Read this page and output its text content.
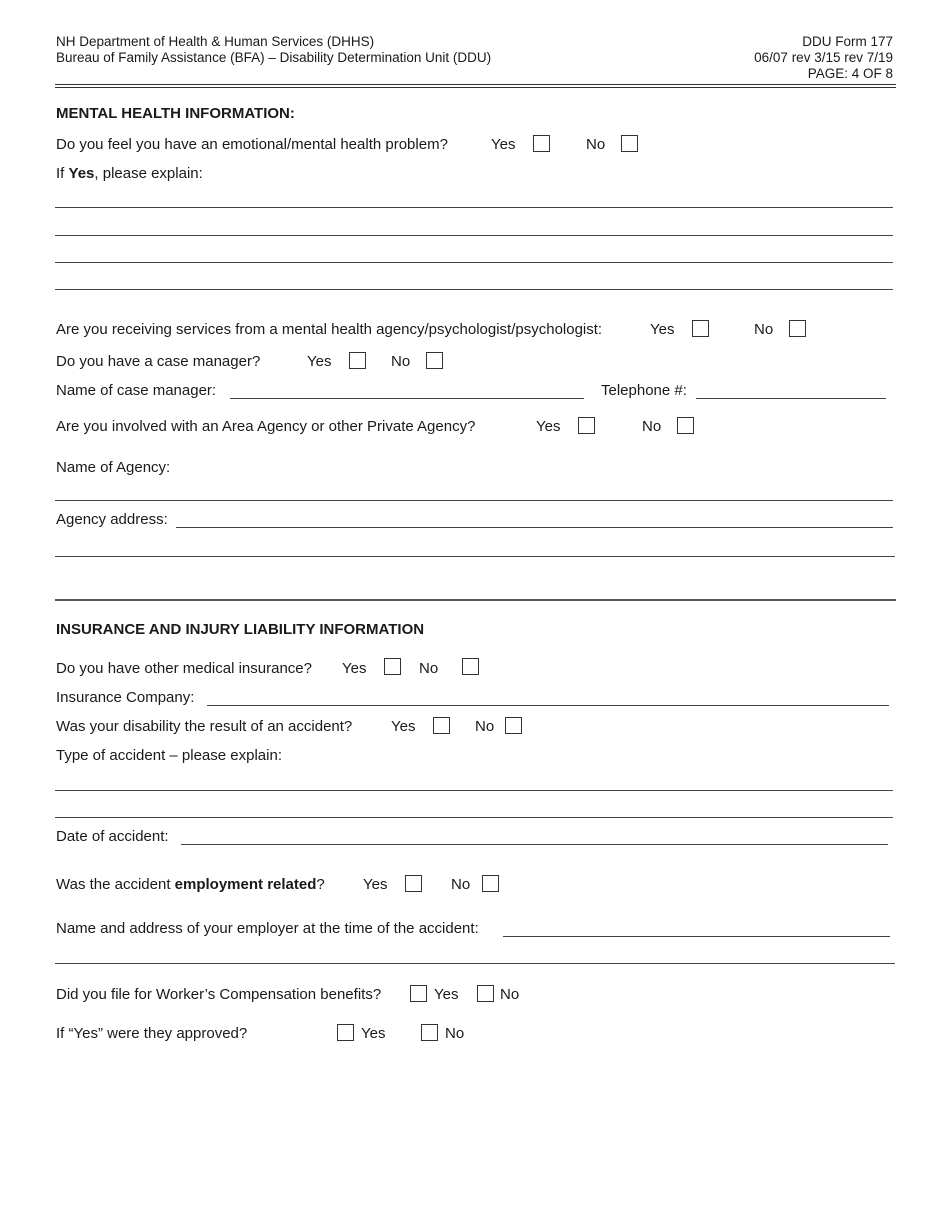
NH Department of Health & Human Services (DHHS)
Bureau of Family Assistance (BFA) – Disability Determination Unit (DDU)
DDU Form 177
06/07 rev 3/15 rev 7/19
PAGE: 4 OF 8
MENTAL HEALTH INFORMATION:
Do you feel you have an emotional/mental health problem?	Yes	No
If Yes, please explain:
Are you receiving services from a mental health agency/psychologist/psychologist:	Yes	No
Do you have a case manager?	Yes	No
Name of case manager:	Telephone #:
Are you involved with an Area Agency or other Private Agency?	Yes	No
Name of Agency:
Agency address:
INSURANCE AND INJURY LIABILITY INFORMATION
Do you have other medical insurance? Yes	No
Insurance Company:
Was your disability the result of an accident?	Yes	No
Type of accident – please explain:
Date of accident:
Was the accident employment related?	Yes	No
Name and address of your employer at the time of the accident:
Did you file for Worker’s Compensation benefits?	Yes	No
If “Yes” were they approved?	Yes	No
